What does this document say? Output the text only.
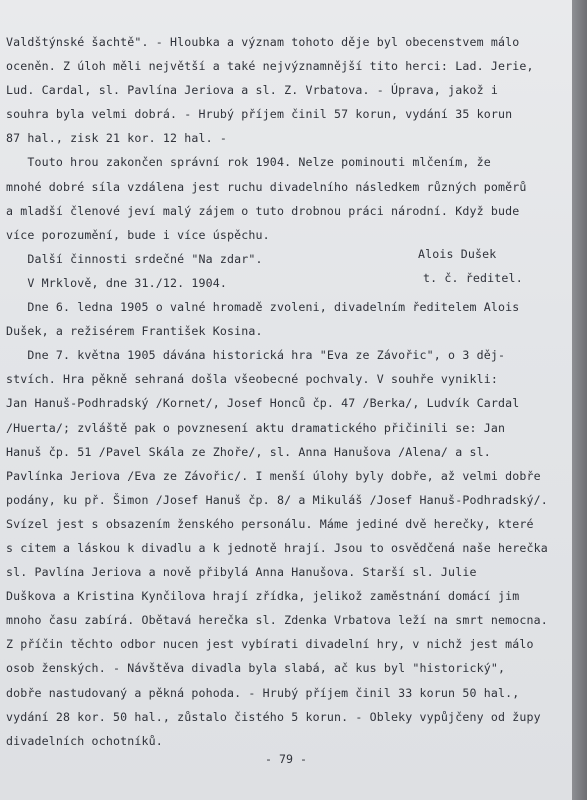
Valdštýnské šachtě". - Hloubka a význam tohoto děje byl obecenstvem málo
oceněn. Z úloh měli největší a také nejvýznamnější tito herci: Lad. Jerie,
Lud. Cardal, sl. Pavlína Jeriova a sl. Z. Vrbatova. - Úprava, jakož i
souhra byla velmi dobrá. - Hrubý příjem činil 57 korun, vydání 35 korun
87 hal., zisk 21 kor. 12 hal. -
Touto hrou zakončen správní rok 1904. Nelze pominouti mlčením, že
mnohé dobré síla vzdálena jest ruchu divadelního následkem různých poměrů
a mladší členové jeví malý zájem o tuto drobnou práci národní. Když bude
více porozumění, bude i více úspěchu.
Další činnosti srdečné "Na zdar".
V Mrklově, dne 31./12. 1904.
Dne 6. ledna 1905 o valné hromadě zvoleni, divadelním ředitelem Alois
Dušek, a režisérem František Kosina.
Dne 7. května 1905 dávána historická hra "Eva ze Závořic", o 3 děj-
stvích. Hra pěkně sehraná došla všeobecné pochvaly. V souhře vynikli:
Jan Hanuš-Podhradský /Kornet/, Josef Honců čp. 47 /Berka/, Ludvík Cardal
/Huerta/; zvláště pak o povznesení aktu dramatického přičinili se: Jan
Hanuš čp. 51 /Pavel Skála ze Zhoře/, sl. Anna Hanušova /Alena/ a sl.
Pavlínka Jeriova /Eva ze Závořic/. I menší úlohy byly dobře, až velmi dobře
podány, ku př. Šimon /Josef Hanuš čp. 8/ a Mikuláš /Josef Hanuš-Podhradský/.
Svízel jest s obsazením ženského personálu. Máme jediné dvě herečky, které
s citem a láskou k divadlu a k jednotě hrají. Jsou to osvědčená naše herečka
sl. Pavlína Jeriova a nově přibylá Anna Hanušova. Starší sl. Julie
Duškova a Kristina Kynčilova hrají zřídka, jelikož zaměstnání domácí jim
mnoho času zabírá. Obětavá herečka sl. Zdenka Vrbatova leží na smrt nemocna.
Z příčin těchto odbor nucen jest vybírati divadelní hry, v nichž jest málo
osob ženských. - Návštěva divadla byla slabá, ač kus byl "historický",
dobře nastudovaný a pěkná pohoda. - Hrubý příjem činil 33 korun 50 hal.,
vydání 28 kor. 50 hal., zůstalo čistého 5 korun. - Obleky vypůjčeny od župy
divadelních ochotníků.
Alois Dušek
t. č. ředitel.
- 79 -
